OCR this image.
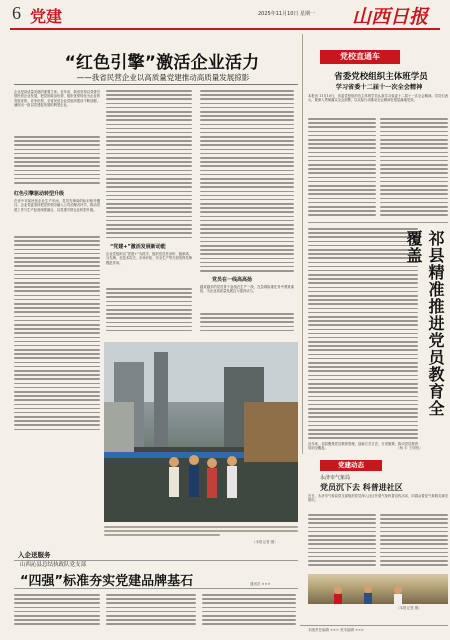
6 党建	2025年11月10日 星期一 山西日报
“红色引擎”激活企业活力
——我省民营企业以高质量党建推动高质量发展掠影
企业是高质量发展的重要主体。近年来，我省坚持以党建引领民营企业发展，把党的政治优势、组织优势转化为企业的发展优势、竞争优势，全省民营企业党组织建设不断加强，涌现出一批以党建促发展的典型企业。
红色引擎驱动转型升级
在晋中市某民营企业生产车间，党员先锋岗的标识格外醒目。企业党委坚持把党的领导融入公司治理各环节，推动党建工作与生产经营深度融合，以党建引领企业转型升级。
“党建+”激活发展新动能
企业党组织以“党建+”为抓手，组织党员亮身份、践承诺、当先锋，在技术攻关、市场开拓、安全生产等方面发挥先锋模范作用。
党员在一线高高扬
越来越多的党员骨干奋战在生产一线，在急难险重任务中勇挑重担，为企业高质量发展注入强劲动力。
入企送服务
（本报记者 摄）
党校直通车
省委党校组织主体班学员
学习省委十二届十一次全会精神
本报讯 11月10日，省委党校组织各主体班学员认真学习省委十二届十一次全会精神。学员们表示，要深入贯彻落实全会部署，以实际行动推动全会精神在基层落地见效。
近年来，祁县聚焦党员教育管理，创新方式方法，分类施策，推动党员教育培训全覆盖。
祁县精准推进党员教育全覆盖
（杨 丰 王明悦）
党建动态
永济市气象局
党员沉下去 科普进社区
近日，永济市气象局党支部组织党员深入社区开展气象科普宣传活动，向群众普及气象防灾减灾知识。
（本报记者 摄）
山西沁县总结执政队党支部
“四强”标准夯实党建品牌基石	通讯员 ×××
本版责任编辑 ××× 美术编辑 ×××
